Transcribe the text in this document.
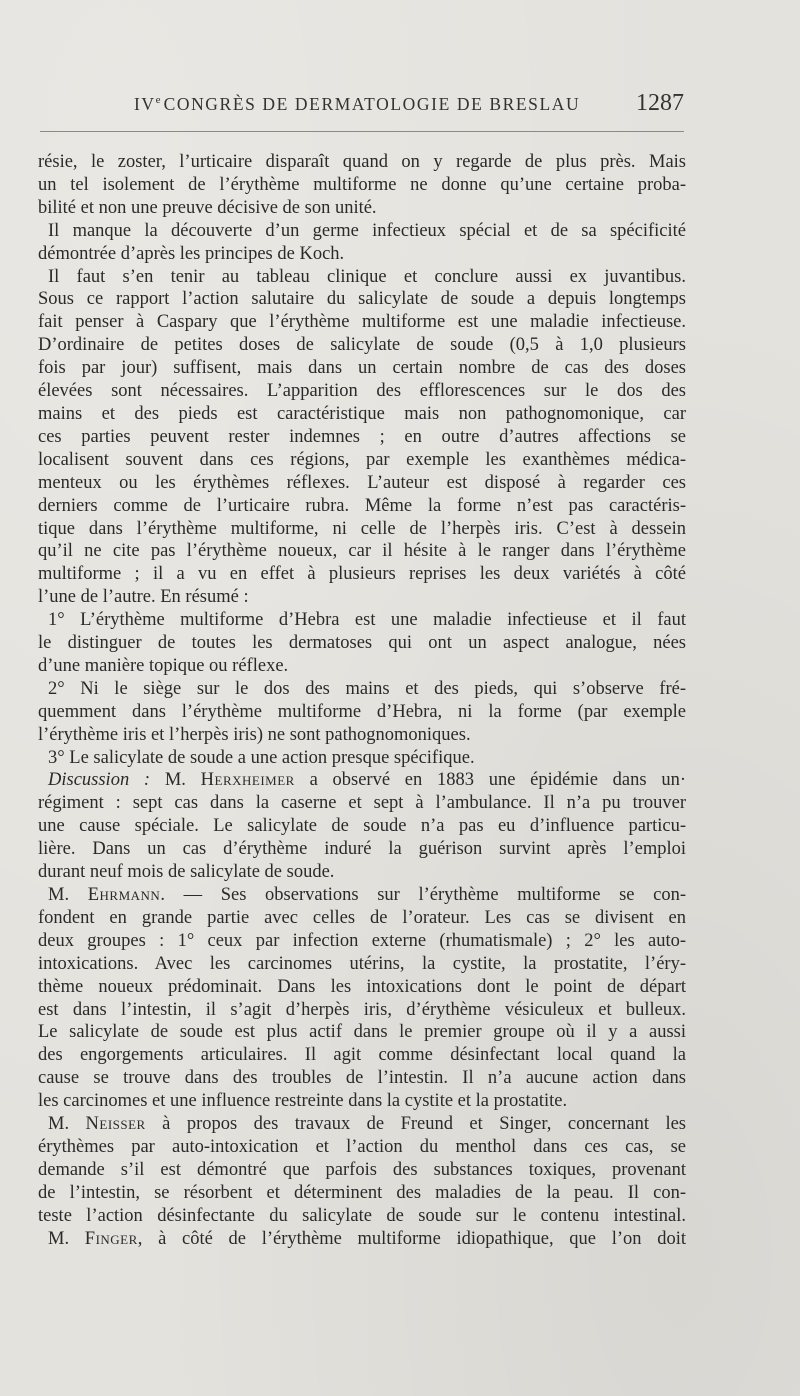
IVe CONGRÈS DE DERMATOLOGIE DE BRESLAU 1287
résie, le zoster, l’urticaire disparaît quand on y regarde de plus près. Mais
un tel isolement de l’érythème multiforme ne donne qu’une certaine proba-
bilité et non une preuve décisive de son unité.
Il manque la découverte d’un germe infectieux spécial et de sa spécificité
démontrée d’après les principes de Koch.
Il faut s’en tenir au tableau clinique et conclure aussi ex juvantibus.
Sous ce rapport l’action salutaire du salicylate de soude a depuis longtemps
fait penser à Caspary que l’érythème multiforme est une maladie infectieuse.
D’ordinaire de petites doses de salicylate de soude (0,5 à 1,0 plusieurs
fois par jour) suffisent, mais dans un certain nombre de cas des doses
élevées sont nécessaires. L’apparition des efflorescences sur le dos des
mains et des pieds est caractéristique mais non pathognomonique, car
ces parties peuvent rester indemnes ; en outre d’autres affections se
localisent souvent dans ces régions, par exemple les exanthèmes médica-
menteux ou les érythèmes réflexes. L’auteur est disposé à regarder ces
derniers comme de l’urticaire rubra. Même la forme n’est pas caractéris-
tique dans l’érythème multiforme, ni celle de l’herpès iris. C’est à dessein
qu’il ne cite pas l’érythème noueux, car il hésite à le ranger dans l’érythème
multiforme ; il a vu en effet à plusieurs reprises les deux variétés à côté
l’une de l’autre. En résumé :
1° L’érythème multiforme d’Hebra est une maladie infectieuse et il faut
le distinguer de toutes les dermatoses qui ont un aspect analogue, nées
d’une manière topique ou réflexe.
2° Ni le siège sur le dos des mains et des pieds, qui s’observe fré-
quemment dans l’érythème multiforme d’Hebra, ni la forme (par exemple
l’érythème iris et l’herpès iris) ne sont pathognomoniques.
3° Le salicylate de soude a une action presque spécifique.
Discussion : M. Herxheimer a observé en 1883 une épidémie dans un·
régiment : sept cas dans la caserne et sept à l’ambulance. Il n’a pu trouver
une cause spéciale. Le salicylate de soude n’a pas eu d’influence particu-
lière. Dans un cas d’érythème induré la guérison survint après l’emploi
durant neuf mois de salicylate de soude.
M. Ehrmann. — Ses observations sur l’érythème multiforme se con-
fondent en grande partie avec celles de l’orateur. Les cas se divisent en
deux groupes : 1° ceux par infection externe (rhumatismale) ; 2° les auto-
intoxications. Avec les carcinomes utérins, la cystite, la prostatite, l’éry-
thème noueux prédominait. Dans les intoxications dont le point de départ
est dans l’intestin, il s’agit d’herpès iris, d’érythème vésiculeux et bulleux.
Le salicylate de soude est plus actif dans le premier groupe où il y a aussi
des engorgements articulaires. Il agit comme désinfectant local quand la
cause se trouve dans des troubles de l’intestin. Il n’a aucune action dans
les carcinomes et une influence restreinte dans la cystite et la prostatite.
M. Neisser à propos des travaux de Freund et Singer, concernant les
érythèmes par auto-intoxication et l’action du menthol dans ces cas, se
demande s’il est démontré que parfois des substances toxiques, provenant
de l’intestin, se résorbent et déterminent des maladies de la peau. Il con-
teste l’action désinfectante du salicylate de soude sur le contenu intestinal.
M. Finger, à côté de l’érythème multiforme idiopathique, que l’on doit
